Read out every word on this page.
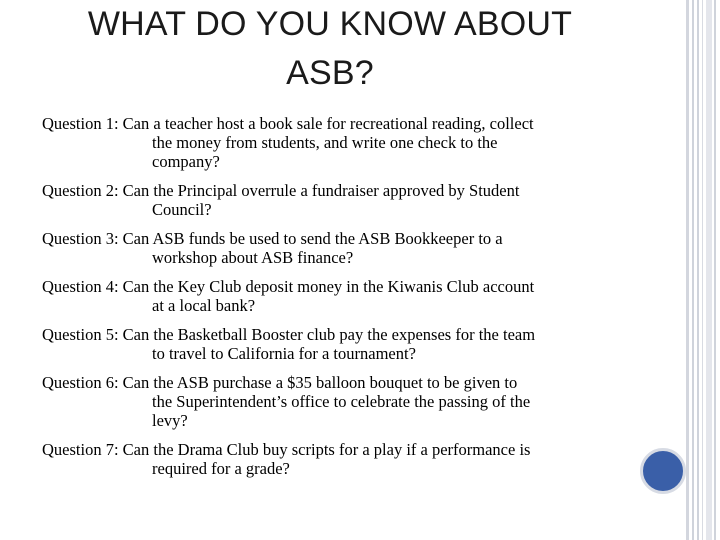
WHAT DO YOU KNOW ABOUT
ASB?
Question 1: Can a teacher host a book sale for recreational reading, collect
the money from students, and write one check to the
company?
Question 2: Can the Principal overrule a fundraiser approved by Student
Council?
Question 3: Can ASB funds be used to send the ASB Bookkeeper to a
workshop about ASB finance?
Question 4: Can the Key Club deposit money in the Kiwanis Club account
at a local bank?
Question 5: Can the Basketball Booster club pay the expenses for the team
to travel to California for a tournament?
Question 6: Can the ASB purchase a $35 balloon bouquet to be given to
the Superintendent’s office to celebrate the passing of the
levy?
Question 7: Can the Drama Club buy scripts for a play if a performance is
required for a grade?
